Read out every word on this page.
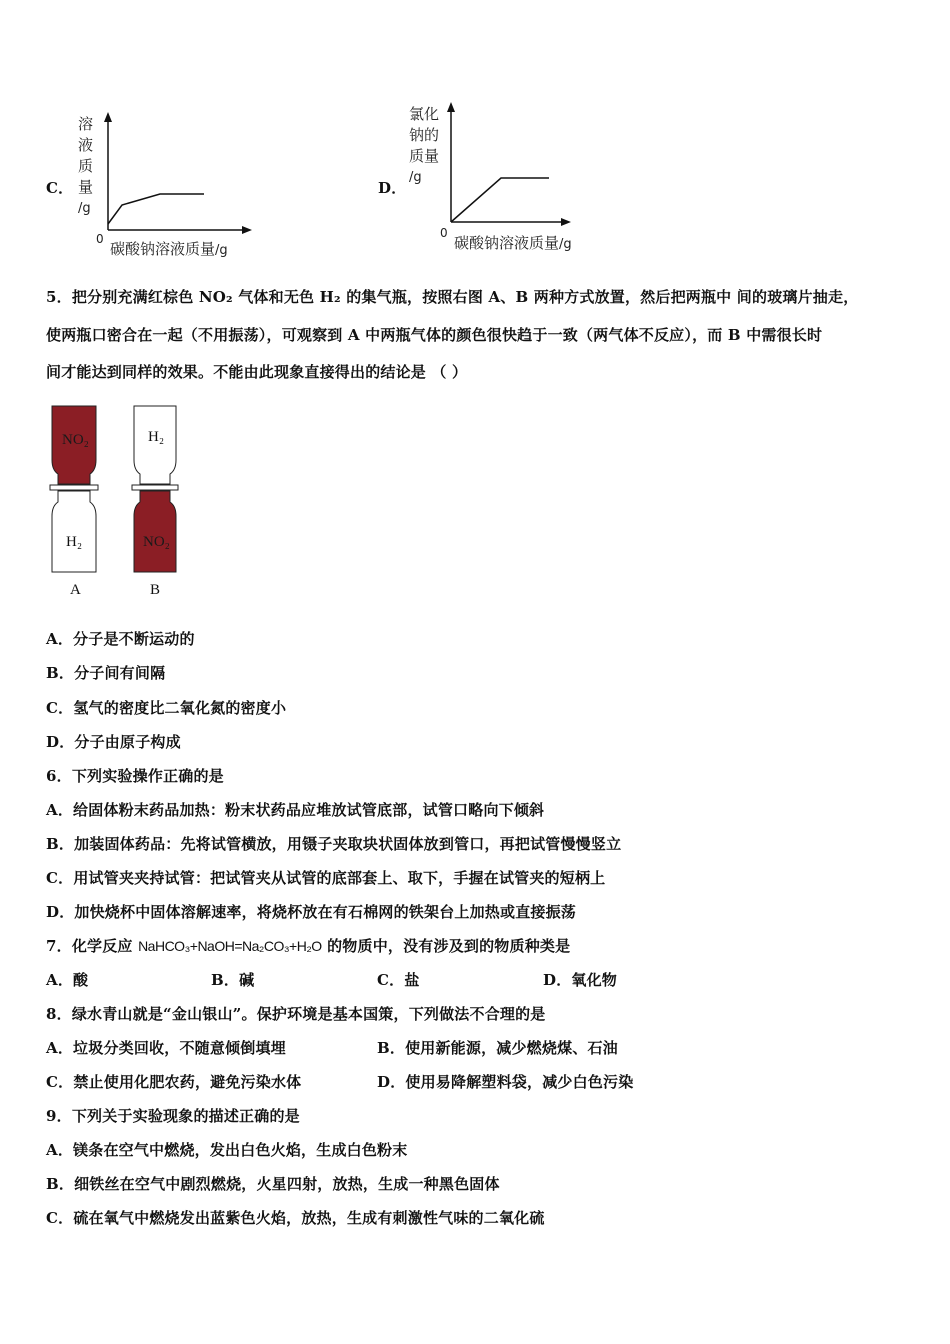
C．
溶
液
质
量
/g
0
碳酸钠溶液质量/g
D．
氯化
钠的
质量
/g
0
碳酸钠溶液质量/g
5．把分别充满红棕色 NO₂ 气体和无色 H₂ 的集气瓶，按照右图 A、B 两种方式放置，然后把两瓶中 间的玻璃片抽走，
使两瓶口密合在一起（不用振荡），可观察到 A 中两瓶气体的颜色很快趋于一致（两气体不反应），而 B 中需很长时
间才能达到同样的效果。不能由此现象直接得出的结论是 （ ）
NO₂
H₂
H₂
NO₂
A	B
A．分子是不断运动的
B．分子间有间隔
C．氢气的密度比二氧化氮的密度小
D．分子由原子构成
6．下列实验操作正确的是
A．给固体粉末药品加热：粉末状药品应堆放试管底部，试管口略向下倾斜
B．加装固体药品：先将试管横放，用镊子夹取块状固体放到管口，再把试管慢慢竖立
C．用试管夹夹持试管：把试管夹从试管的底部套上、取下，手握在试管夹的短柄上
D．加快烧杯中固体溶解速率，将烧杯放在有石棉网的铁架台上加热或直接振荡
7．化学反应 NaHCO₃+NaOH=Na₂CO₃+H₂O 的物质中，没有涉及到的物质种类是
A．酸	B．碱	C．盐	D．氧化物
8．绿水青山就是“金山银山”。保护环境是基本国策，下列做法不合理的是
A．垃圾分类回收，不随意倾倒填埋	B．使用新能源，减少燃烧煤、石油
C．禁止使用化肥农药，避免污染水体	D．使用易降解塑料袋，减少白色污染
9．下列关于实验现象的描述正确的是
A．镁条在空气中燃烧，发出白色火焰，生成白色粉末
B．细铁丝在空气中剧烈燃烧，火星四射，放热，生成一种黑色固体
C．硫在氧气中燃烧发出蓝紫色火焰，放热，生成有刺激性气味的二氧化硫
